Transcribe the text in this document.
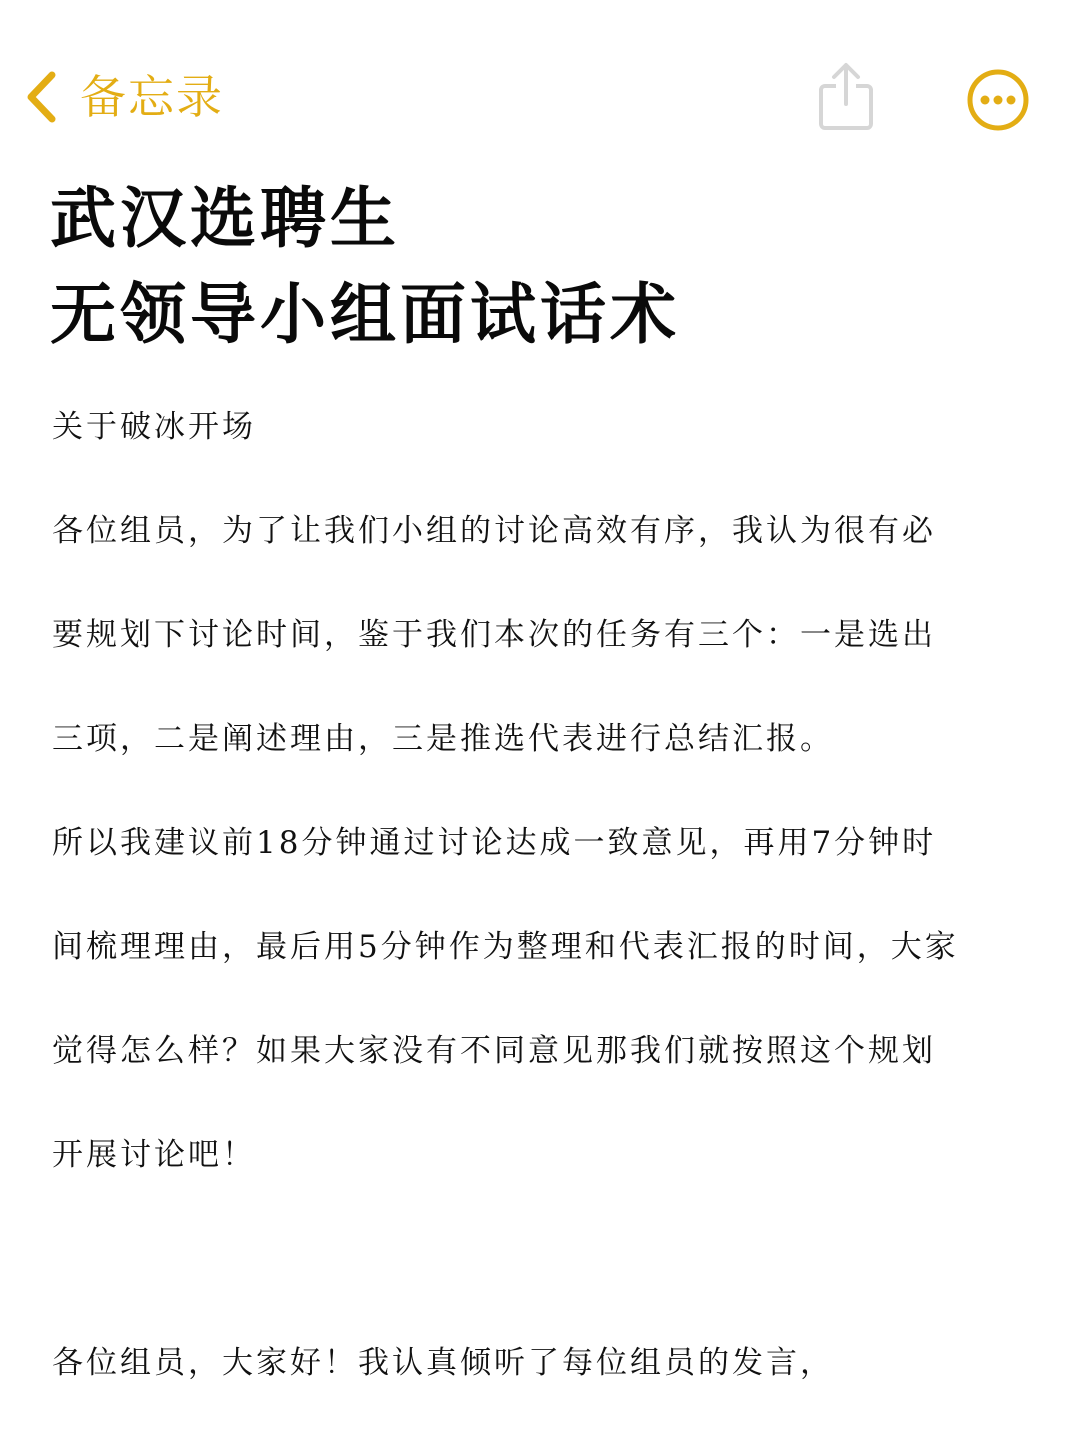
备忘录
武汉选聘生
无领导小组面试话术

关于破冰开场

各位组员，为了让我们小组的讨论高效有序，我认为很有必

要规划下讨论时间，鉴于我们本次的任务有三个：一是选出

三项，二是阐述理由，三是推选代表进行总结汇报。

所以我建议前18分钟通过讨论达成一致意见，再用7分钟时

间梳理理由，最后用5分钟作为整理和代表汇报的时间，大家

觉得怎么样？如果大家没有不同意见那我们就按照这个规划

开展讨论吧！

各位组员，大家好！我认真倾听了每位组员的发言，
